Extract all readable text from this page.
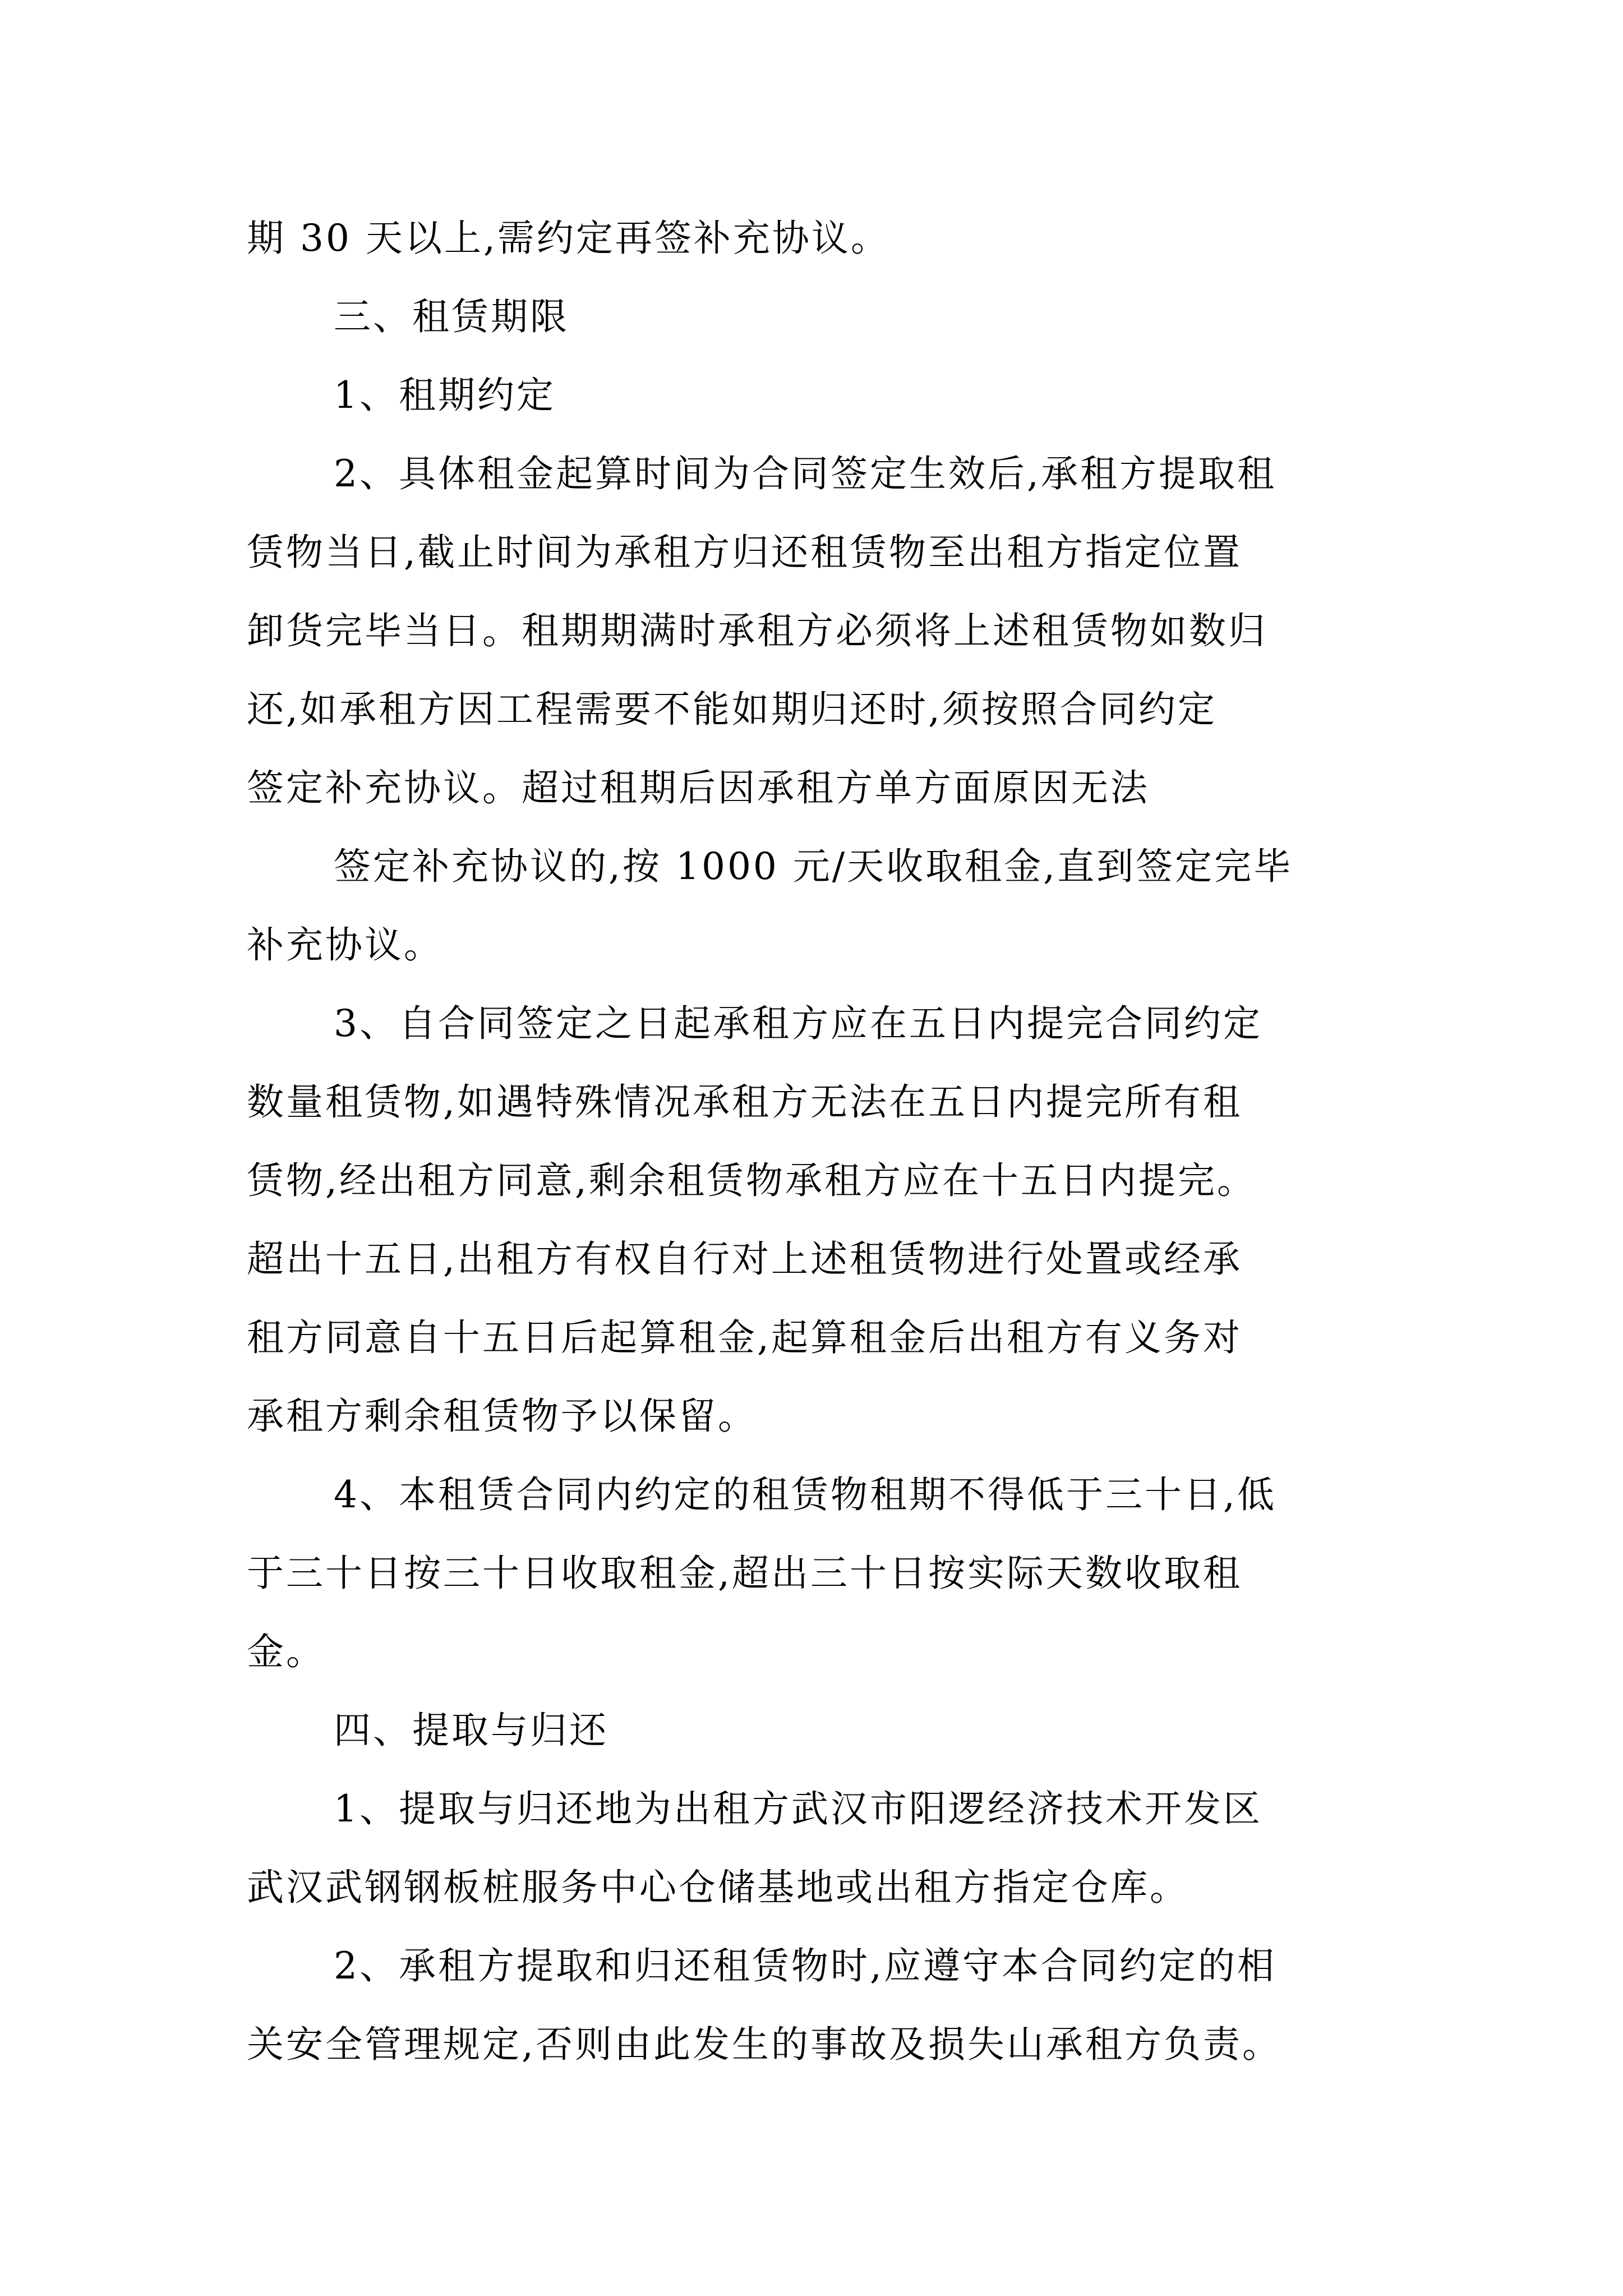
期 30 天以上,需约定再签补充协议。

三、租赁期限

1、租期约定

2、具体租金起算时间为合同签定生效后,承租方提取租

赁物当日,截止时间为承租方归还租赁物至出租方指定位置

卸货完毕当日。租期期满时承租方必须将上述租赁物如数归

还,如承租方因工程需要不能如期归还时,须按照合同约定

签定补充协议。超过租期后因承租方单方面原因无法

签定补充协议的,按 1000 元/天收取租金,直到签定完毕

补充协议。

3、自合同签定之日起承租方应在五日内提完合同约定

数量租赁物,如遇特殊情况承租方无法在五日内提完所有租

赁物,经出租方同意,剩余租赁物承租方应在十五日内提完。

超出十五日,出租方有权自行对上述租赁物进行处置或经承

租方同意自十五日后起算租金,起算租金后出租方有义务对

承租方剩余租赁物予以保留。

4、本租赁合同内约定的租赁物租期不得低于三十日,低

于三十日按三十日收取租金,超出三十日按实际天数收取租

金。

四、提取与归还

1、提取与归还地为出租方武汉市阳逻经济技术开发区

武汉武钢钢板桩服务中心仓储基地或出租方指定仓库。

2、承租方提取和归还租赁物时,应遵守本合同约定的相

关安全管理规定,否则由此发生的事故及损失山承租方负责。
